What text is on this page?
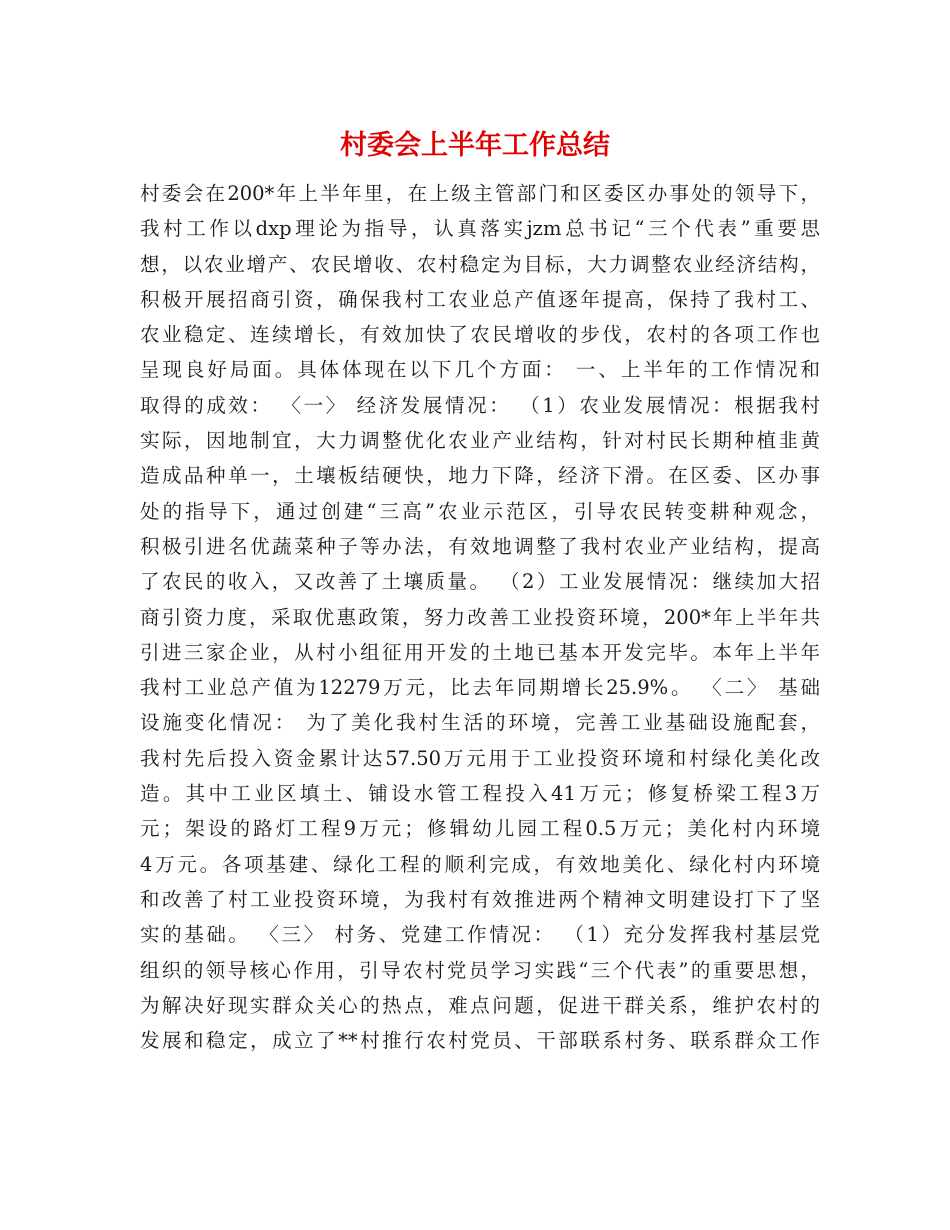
村委会上半年工作总结
村委会在200*年上半年里，在上级主管部门和区委区办事处的领导下，
我村工作以dxp理论为指导，认真落实jzm总书记“三个代表”重要思
想，以农业增产、农民增收、农村稳定为目标，大力调整农业经济结构，
积极开展招商引资，确保我村工农业总产值逐年提高，保持了我村工、
农业稳定、连续增长，有效加快了农民增收的步伐，农村的各项工作也
呈现良好局面。具体体现在以下几个方面： 一、上半年的工作情况和
取得的成效： 〈一〉 经济发展情况： （1）农业发展情况：根据我村
实际，因地制宜，大力调整优化农业产业结构，针对村民长期种植韭黄
造成品种单一，土壤板结硬快，地力下降，经济下滑。在区委、区办事
处的指导下，通过创建“三高”农业示范区，引导农民转变耕种观念，
积极引进名优蔬菜种子等办法，有效地调整了我村农业产业结构，提高
了农民的收入，又改善了土壤质量。 （2）工业发展情况：继续加大招
商引资力度，采取优惠政策，努力改善工业投资环境，200*年上半年共
引进三家企业，从村小组征用开发的土地已基本开发完毕。本年上半年
我村工业总产值为12279万元，比去年同期增长25.9%。 〈二〉 基础
设施变化情况： 为了美化我村生活的环境，完善工业基础设施配套，
我村先后投入资金累计达57.50万元用于工业投资环境和村绿化美化改
造。其中工业区填土、铺设水管工程投入41万元；修复桥梁工程3万
元；架设的路灯工程9万元；修辑幼儿园工程0.5万元；美化村内环境
4万元。各项基建、绿化工程的顺利完成，有效地美化、绿化村内环境
和改善了村工业投资环境，为我村有效推进两个精神文明建设打下了坚
实的基础。 〈三〉 村务、党建工作情况： （1）充分发挥我村基层党
组织的领导核心作用，引导农村党员学习实践“三个代表”的重要思想，
为解决好现实群众关心的热点，难点问题，促进干群关系，维护农村的
发展和稳定，成立了**村推行农村党员、干部联系村务、联系群众工作
